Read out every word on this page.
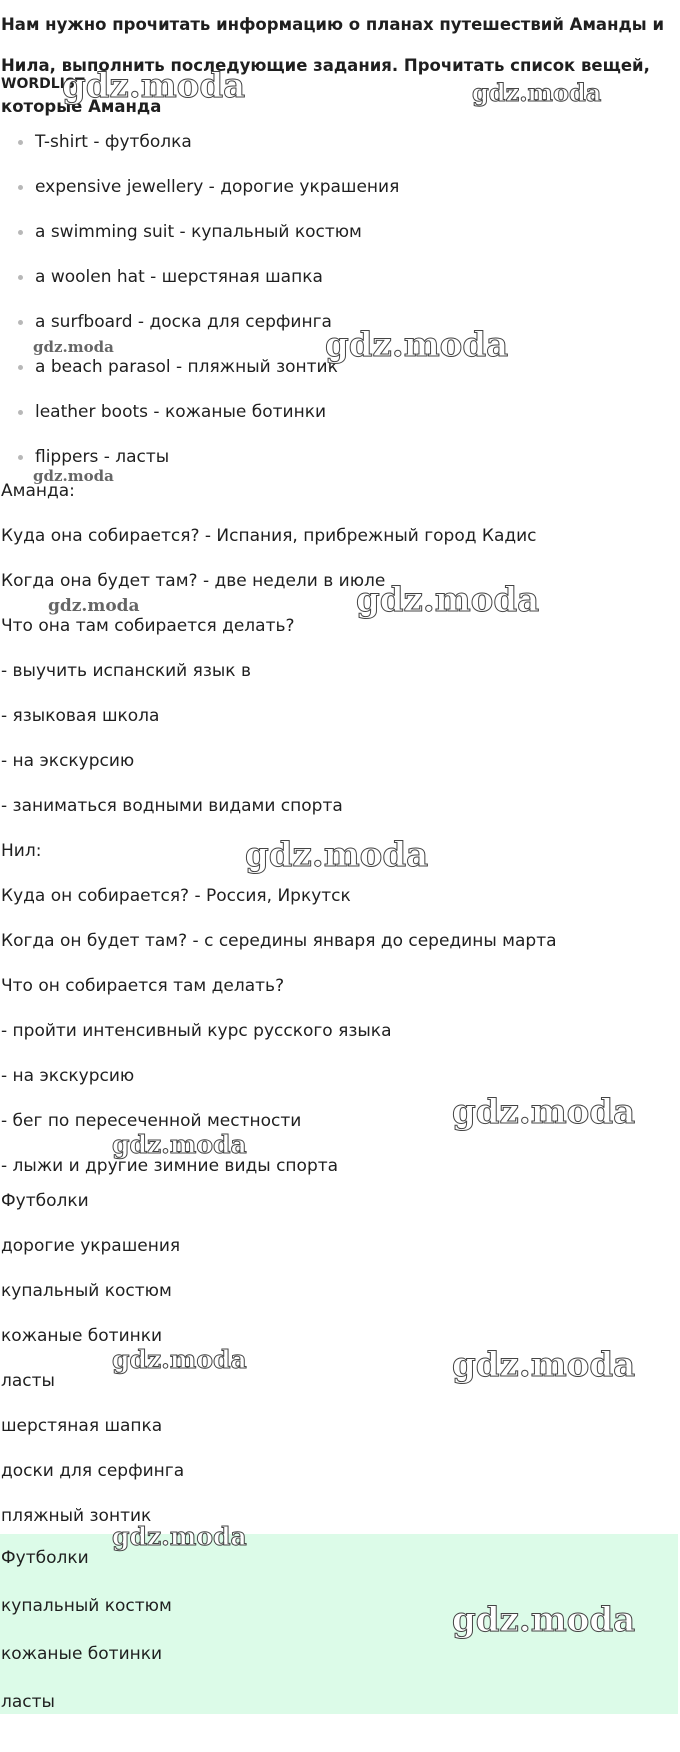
Нам нужно прочитать информацию о планах путешествий Аманды и Нила, выполнить последующие задания. Прочитать список вещей, которые Аманда

WORDLIST

T-shirt - футболка
expensive jewellery - дорогие украшения
a swimming suit - купальный костюм
a woolen hat - шерстяная шапка
a surfboard - доска для серфинга
a beach parasol - пляжный зонтик
leather boots - кожаные ботинки
flippers - ласты

Аманда:

Куда она собирается? - Испания, прибрежный город Кадис

Когда она будет там? - две недели в июле

Что она там собирается делать?

- выучить испанский язык в

- языковая школа

- на экскурсию

- заниматься водными видами спорта

Нил:

Куда он собирается? - Россия, Иркутск

Когда он будет там? - с середины января до середины марта

Что он собирается там делать?

- пройти интенсивный курс русского языка

- на экскурсию

- бег по пересеченной местности

- лыжи и другие зимние виды спорта

Футболки

дорогие украшения

купальный костюм

кожаные ботинки

ласты

шерстяная шапка

доски для серфинга

пляжный зонтик

Футболки

купальный костюм

кожаные ботинки

ласты

gdz.moda	gdz.moda
gdz.moda
gdz.moda
gdz.moda
gdz.moda
gdz.moda
gdz.moda
gdz.moda
gdz.moda
gdz.moda	gdz.moda
gdz.moda
gdz.moda
